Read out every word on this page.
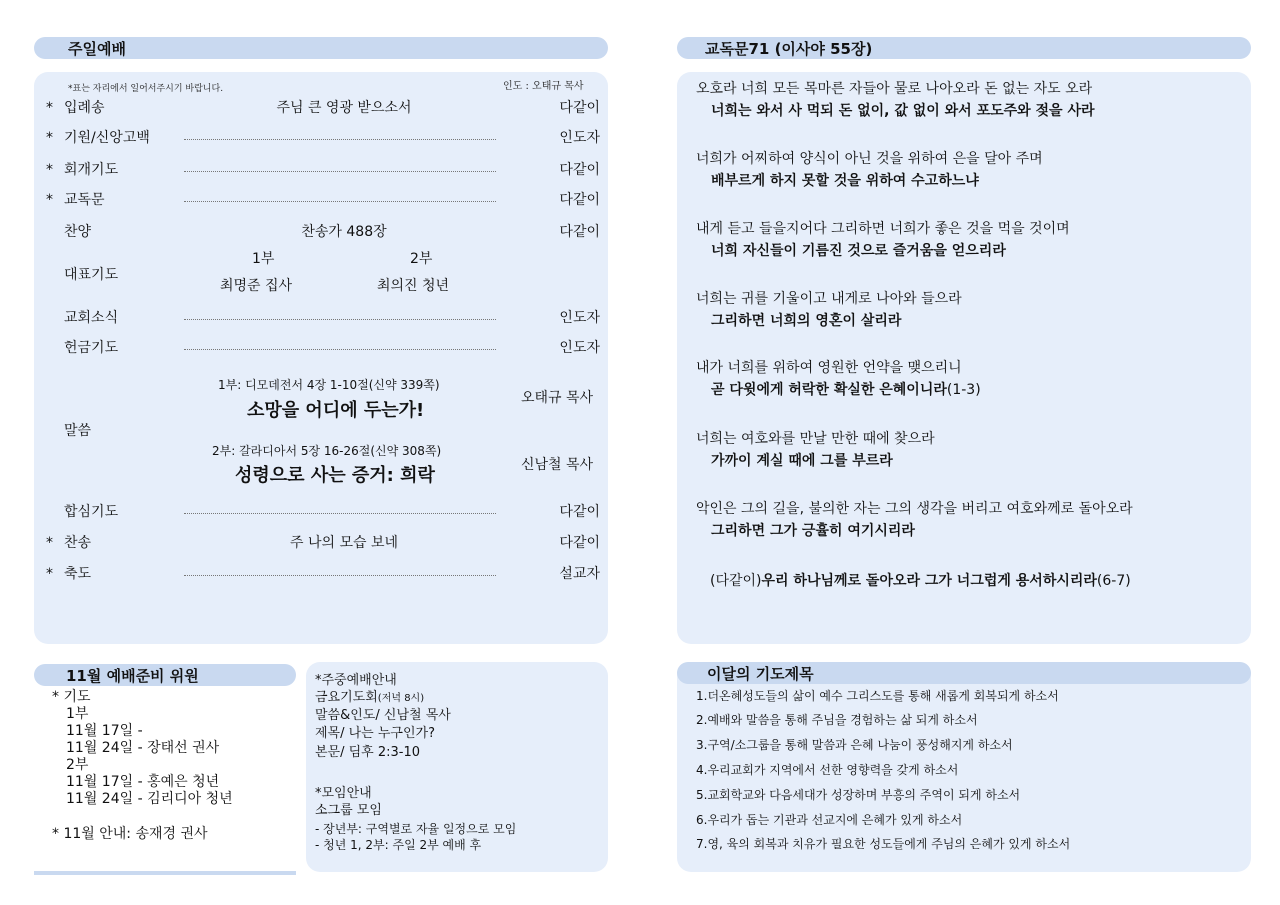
주일예배
*표는 자리에서 일어서주시기 바랍니다.	인도 : 오태규 목사
* 입례송	주님 큰 영광 받으소서	다같이
* 기원/신앙고백	인도자
* 회개기도	다같이
* 교독문	다같이
찬양	찬송가 488장	다같이
대표기도
1부	2부
최명준 집사	최의진 청년
교회소식	인도자
헌금기도	인도자
말씀
1부: 디모데전서 4장 1-10절(신약 339쪽)
소망을 어디에 두는가!
오태규 목사
2부: 갈라디아서 5장 16-26절(신약 308쪽)
성령으로 사는 증거: 희락	신남철 목사
합심기도	다같이
* 찬송	주 나의 모습 보네	다같이
* 축도	설교자
교독문71 (이사야 55장)
오호라 너희 모든 목마른 자들아 물로 나아오라 돈 없는 자도 오라
너희는 와서 사 먹되 돈 없이, 값 없이 와서 포도주와 젖을 사라
너희가 어찌하여 양식이 아닌 것을 위하여 은을 달아 주며
배부르게 하지 못할 것을 위하여 수고하느냐
내게 듣고 들을지어다 그리하면 너희가 좋은 것을 먹을 것이며
너희 자신들이 기름진 것으로 즐거움을 얻으리라
너희는 귀를 기울이고 내게로 나아와 들으라
그리하면 너희의 영혼이 살리라
내가 너희를 위하여 영원한 언약을 맺으리니
곧 다윗에게 허락한 확실한 은혜이니라(1-3)
너희는 여호와를 만날 만한 때에 찾으라
가까이 계실 때에 그를 부르라
악인은 그의 길을, 불의한 자는 그의 생각을 버리고 여호와께로 돌아오라
그리하면 그가 긍휼히 여기시리라
(다같이)우리 하나님께로 돌아오라 그가 너그럽게 용서하시리라(6-7)
11월 예배준비 위원
* 기도
1부
11월 17일 -
11월 24일 - 장태선 권사
2부
11월 17일 - 홍예은 청년
11월 24일 - 김리디아 청년
* 11월 안내: 송재경 권사
*주중예배안내
금요기도회(저녁 8시)
말씀&인도/ 신남철 목사
제목/ 나는 누구인가?
본문/ 딤후 2:3-10
*모임안내
소그룹 모임
- 장년부: 구역별로 자율 일정으로 모임
- 청년 1, 2부: 주일 2부 예배 후
이달의 기도제목
1.더온혜성도들의 삶이 예수 그리스도를 통해 새롭게 회복되게 하소서
2.예배와 말씀을 통해 주님을 경험하는 삶 되게 하소서
3.구역/소그룹을 통해 말씀과 은혜 나눔이 풍성해지게 하소서
4.우리교회가 지역에서 선한 영향력을 갖게 하소서
5.교회학교와 다음세대가 성장하며 부흥의 주역이 되게 하소서
6.우리가 돕는 기관과 선교지에 은혜가 있게 하소서
7.영, 육의 회복과 치유가 필요한 성도들에게 주님의 은혜가 있게 하소서
